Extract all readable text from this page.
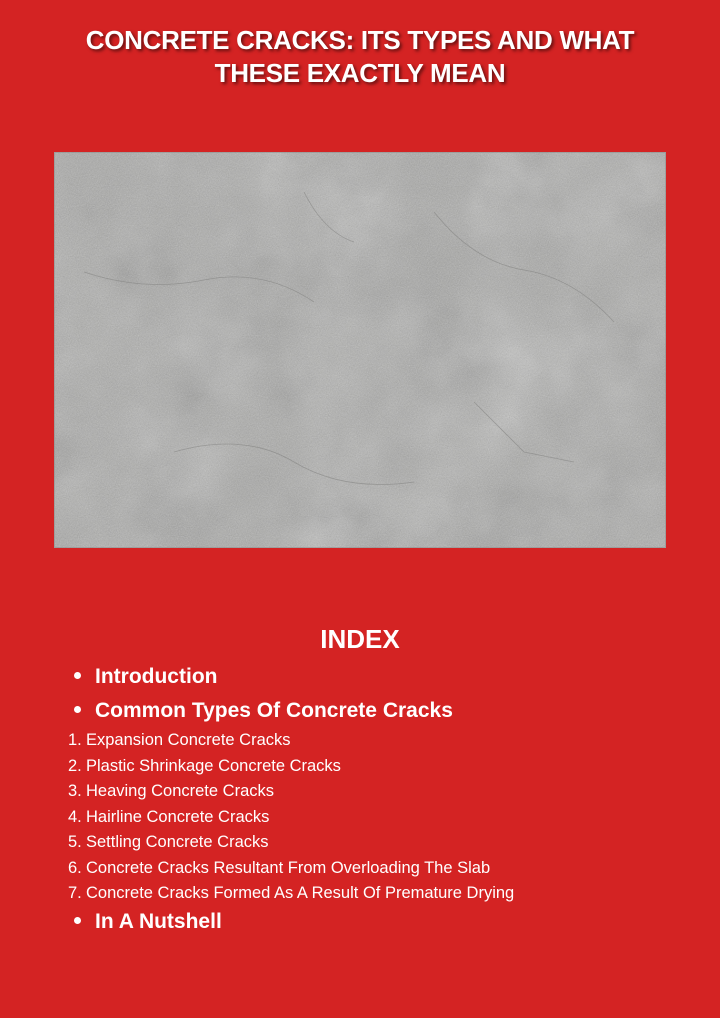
CONCRETE CRACKS: ITS TYPES AND WHAT
THESE EXACTLY MEAN
INDEX
Introduction
Common Types Of Concrete Cracks
1. Expansion Concrete Cracks
2. Plastic Shrinkage Concrete Cracks
3. Heaving Concrete Cracks
4. Hairline Concrete Cracks
5. Settling Concrete Cracks
6. Concrete Cracks Resultant From Overloading The Slab
7. Concrete Cracks Formed As A Result Of Premature Drying
In A Nutshell
